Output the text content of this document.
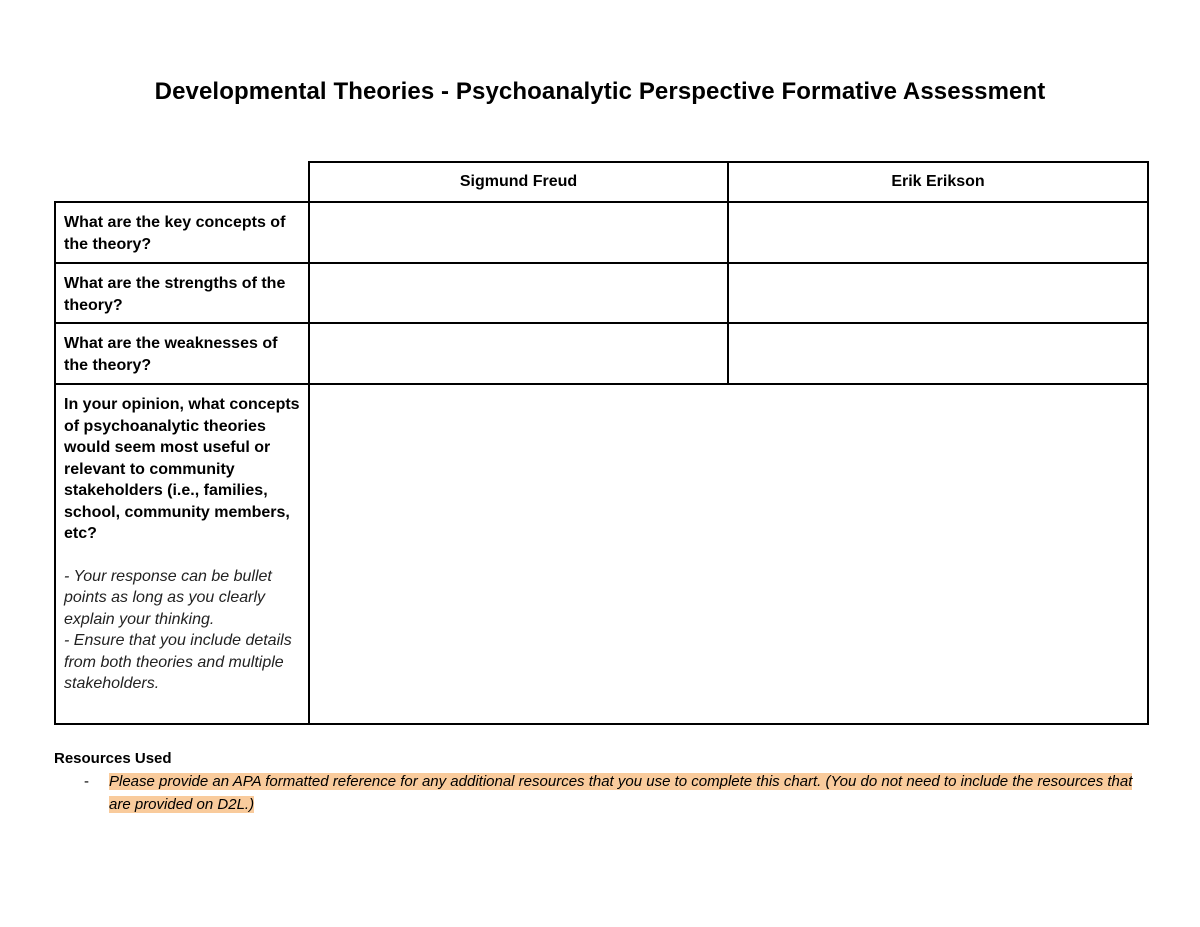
Developmental Theories - Psychoanalytic Perspective Formative Assessment
	Sigmund Freud	Erik Erikson
What are the key concepts of the theory?		
What are the strengths of the theory?		
What are the weaknesses of the theory?		

In your opinion, what concepts of psychoanalytic theories would seem most useful or relevant to community stakeholders (i.e., families, school, community members, etc?
- Your response can be bullet points as long as you clearly explain your thinking.
- Ensure that you include details from both theories and multiple stakeholders.		

Resources Used
- Please provide an APA formatted reference for any additional resources that you use to complete this chart. (You do not need to include the resources that are provided on D2L.)
